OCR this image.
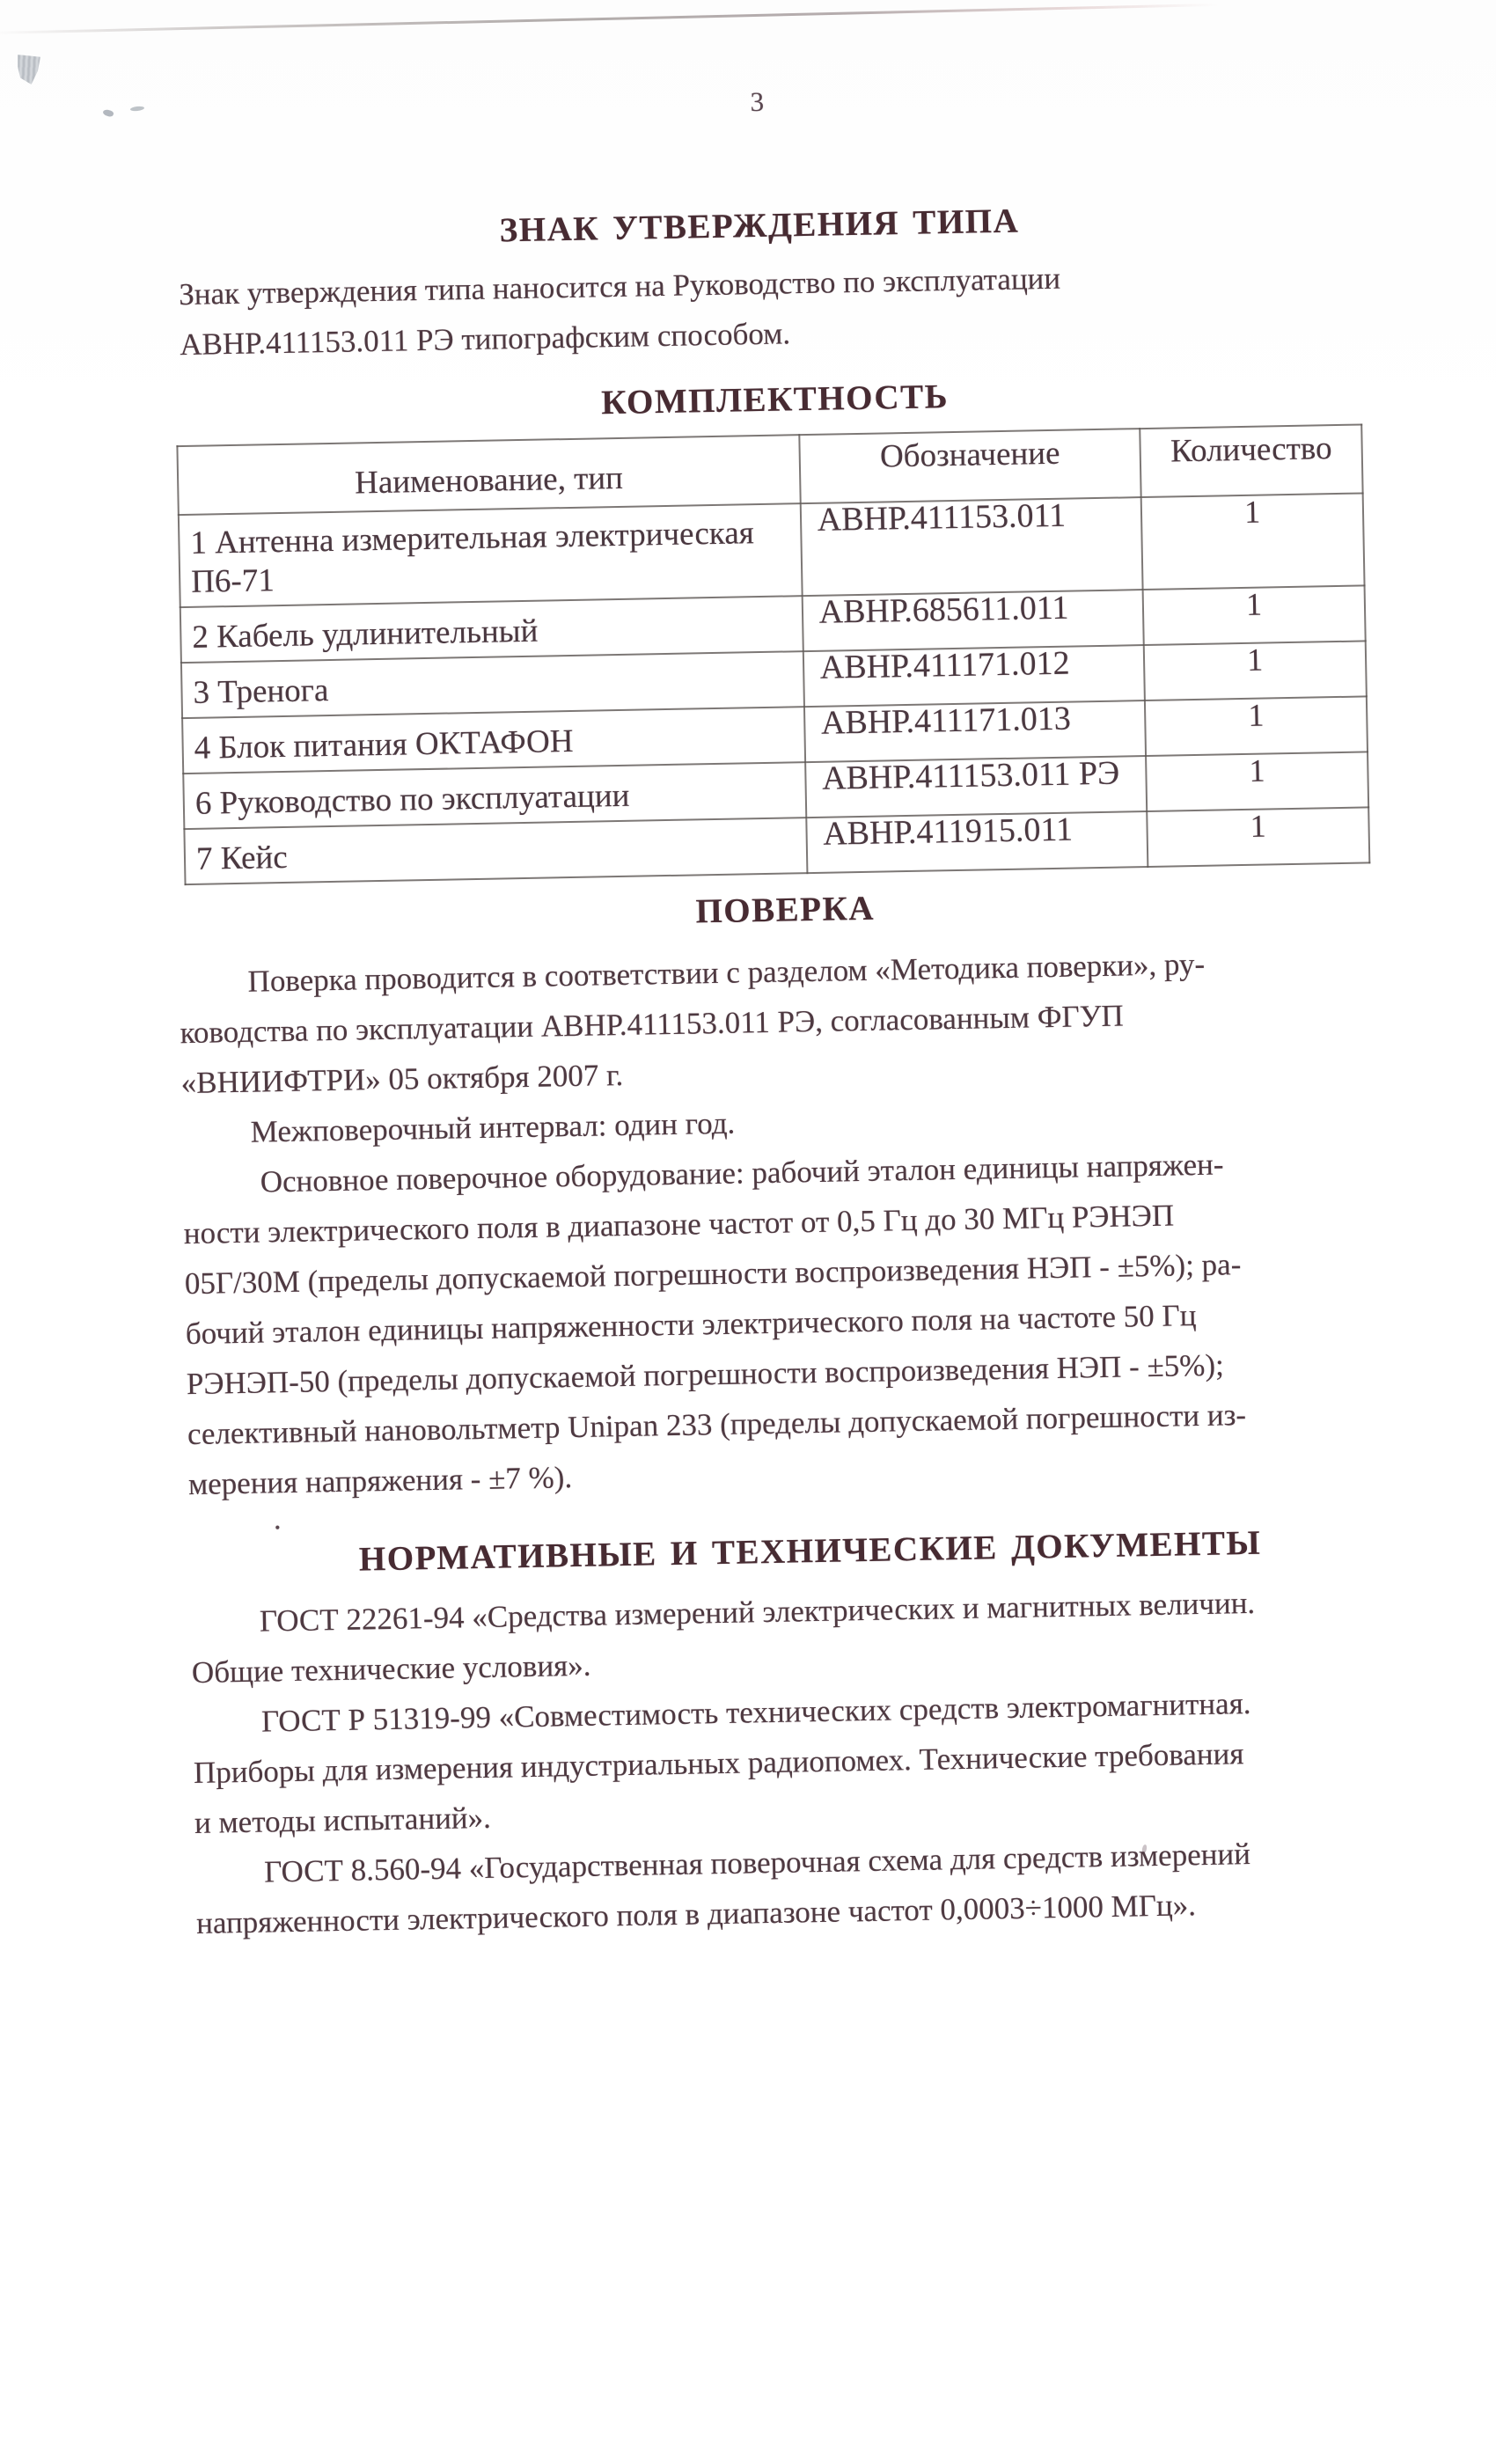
3

ЗНАК УТВЕРЖДЕНИЯ ТИПА

Знак утверждения типа наносится на Руководство по эксплуатации
АВНР.411153.011 РЭ типографским способом.

КОМПЛЕКТНОСТЬ
Наименование, тип	Обозначение	Количество
1 Антенна измерительная электрическая
П6-71	АВНР.411153.011	1
2 Кабель удлинительный	АВНР.685611.011	1
3 Тренога	АВНР.411171.012	1
4 Блок питания ОКТАФОН	АВНР.411171.013	1
6 Руководство по эксплуатации	АВНР.411153.011 РЭ	1
7 Кейс	АВНР.411915.011	1
ПОВЕРКА

Поверка проводится в соответствии с разделом «Методика поверки», ру-
ководства по эксплуатации АВНР.411153.011 РЭ, согласованным ФГУП
«ВНИИФТРИ» 05 октября 2007 г.

Межповерочный интервал: один год.

Основное поверочное оборудование: рабочий эталон единицы напряжен-
ности электрического поля в диапазоне частот от 0,5 Гц до 30 МГц РЭНЭП
05Г/30М (пределы допускаемой погрешности воспроизведения НЭП - ±5%); ра-
бочий эталон единицы напряженности электрического поля на частоте 50 Гц
РЭНЭП-50 (пределы допускаемой погрешности воспроизведения НЭП - ±5%);
селективный нановольтметр Unipan 233 (пределы допускаемой погрешности из-
мерения напряжения - ±7 %).

.
НОРМАТИВНЫЕ И ТЕХНИЧЕСКИЕ ДОКУМЕНТЫ

ГОСТ 22261-94 «Средства измерений электрических и магнитных величин.
Общие технические условия».

ГОСТ Р 51319-99 «Совместимость технических средств электромагнитная.
Приборы для измерения индустриальных радиопомех. Технические требования
и методы испытаний».

ГОСТ 8.560-94 «Государственная поверочная схема для средств измерений
напряженности электрического поля в диапазоне частот 0,0003÷1000 МГц».
